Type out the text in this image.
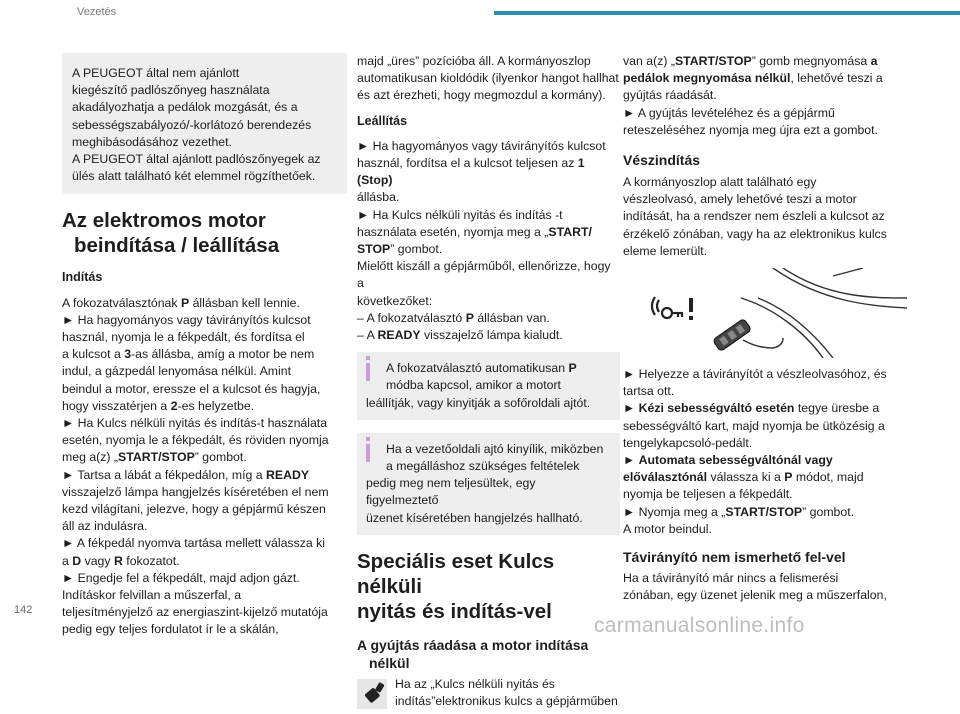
Vezetés

A PEUGEOT által nem ajánlott

kiegészítő padlószőnyeg használata

akadályozhatja a pedálok mozgását, és a

sebességszabályozó/-korlátozó berendezés

meghibásodásához vezethet.

A PEUGEOT által ajánlott padlószőnyegek az

ülés alatt található két elemmel rögzíthetőek.

Az elektromos motor
beindítása / leállítása

Indítás

A fokozatválasztónak P állásban kell lennie.

► Ha hagyományos vagy távirányítós kulcsot

használ, nyomja le a fékpedált, és fordítsa el

a kulcsot a 3-as állásba, amíg a motor be nem

indul, a gázpedál lenyomása nélkül. Amint

beindul a motor, eressze el a kulcsot és hagyja,

hogy visszatérjen a 2-es helyzetbe.

► Ha Kulcs nélküli nyitás és indítás-t használata

esetén, nyomja le a fékpedált, és röviden nyomja

meg a(z) „START/STOP” gombot.

► Tartsa a lábát a fékpedálon, míg a READY

visszajelző lámpa hangjelzés kíséretében el nem

kezd világítani, jelezve, hogy a gépjármű készen

áll az indulásra.

► A fékpedál nyomva tartása mellett válassza ki

a D vagy R fokozatot.

► Engedje fel a fékpedált, majd adjon gázt.

Indításkor felvillan a műszerfal, a

teljesítményjelző az energiaszint-kijelző mutatója

pedig egy teljes fordulatot ír le a skálán,

majd „üres” pozícióba áll. A kormányoszlop

automatikusan kioldódik (ilyenkor hangot hallhat

és azt érezheti, hogy megmozdul a kormány).

Leállítás

► Ha hagyományos vagy távirányítós kulcsot

használ, fordítsa el a kulcsot teljesen az 1 (Stop)

állásba.

► Ha Kulcs nélküli nyitás és indítás -t

használata esetén, nyomja meg a „START/

STOP” gombot.

Mielőtt kiszáll a gépjárműből, ellenőrizze, hogy a

következőket:

– A fokozatválasztó P állásban van.

– A READY visszajelző lámpa kialudt.

A fokozatválasztó automatikusan P

módba kapcsol, amikor a motort

leállítják, vagy kinyitják a sofőroldali ajtót.

Ha a vezetőoldali ajtó kinyílik, miközben

a megálláshoz szükséges feltételek

pedig meg nem teljesültek, egy figyelmeztető

üzenet kíséretében hangjelzés hallható.

Speciális eset Kulcs nélküli
nyitás és indítás-vel

A gyújtás ráadása a motor indítása
nélkül

Ha az „Kulcs nélküli nyitás és

indítás”elektronikus kulcs a gépjárműben

van a(z) „START/STOP” gomb megnyomása a

pedálok megnyomása nélkül, lehetővé teszi a

gyújtás ráadását.

► A gyújtás levételéhez és a gépjármű

reteszeléséhez nyomja meg újra ezt a gombot.

Vészindítás

A kormányoszlop alatt található egy

vészleolvasó, amely lehetővé teszi a motor

indítását, ha a rendszer nem észleli a kulcsot az

érzékelő zónában, vagy ha az elektronikus kulcs

eleme lemerült.

► Helyezze a távirányítót a vészleolvasóhoz, és

tartsa ott.

► Kézi sebességváltó esetén tegye üresbe a

sebességváltó kart, majd nyomja be ütközésig a

tengelykapcsoló-pedált.

► Automata sebességváltónál vagy

előválasztónál válassza ki a P módot, majd

nyomja be teljesen a fékpedált.

► Nyomja meg a „START/STOP” gombot.

A motor beindul.

Távirányító nem ismerhető fel-vel

Ha a távirányító már nincs a felismerési

zónában, egy üzenet jelenik meg a műszerfalon,

142
carmanualsonline.info
